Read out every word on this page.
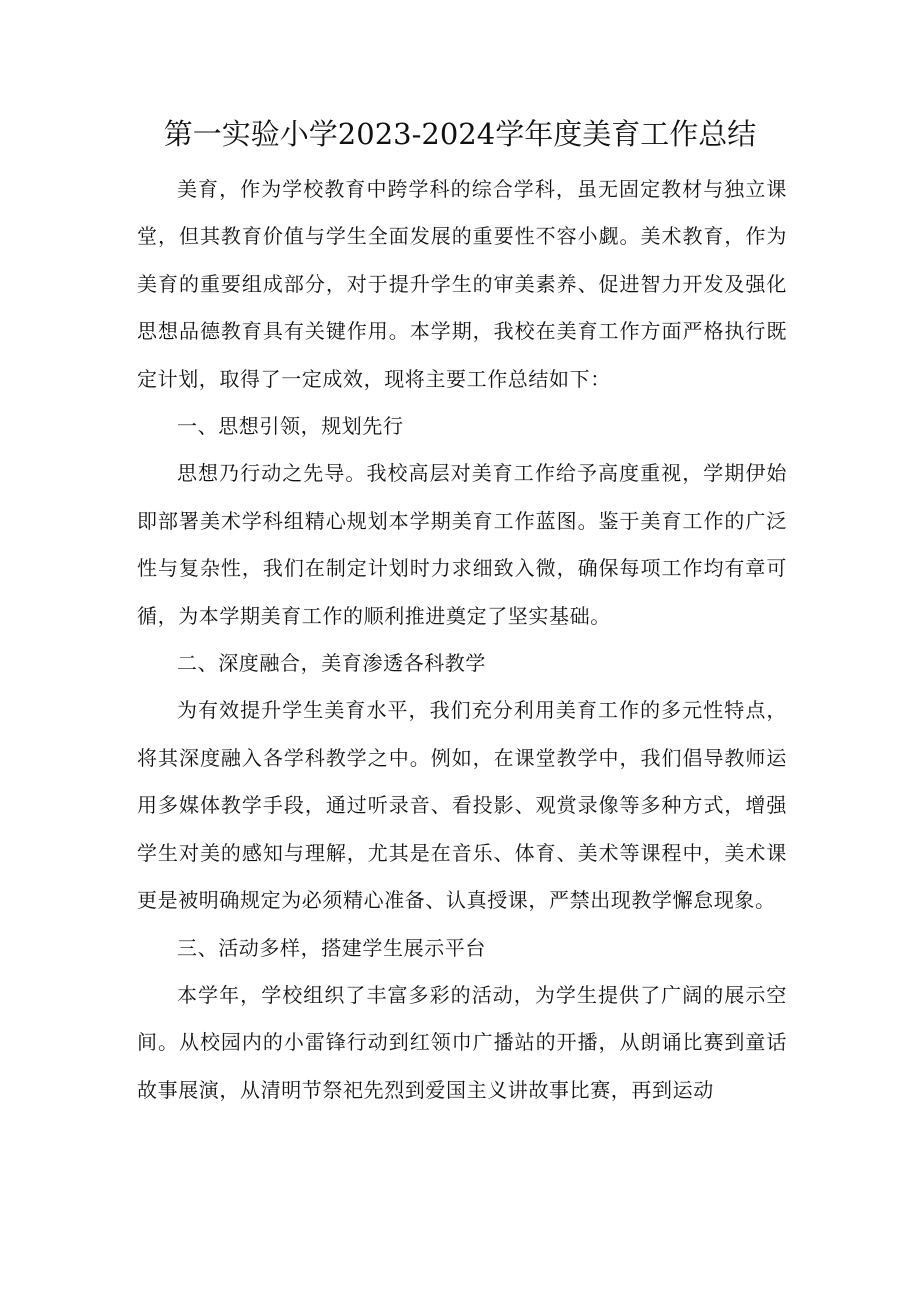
第一实验小学2023-2024学年度美育工作总结

美育，作为学校教育中跨学科的综合学科，虽无固定教材与独立课堂，但其教育价值与学生全面发展的重要性不容小觑。美术教育，作为美育的重要组成部分，对于提升学生的审美素养、促进智力开发及强化思想品德教育具有关键作用。本学期，我校在美育工作方面严格执行既定计划，取得了一定成效，现将主要工作总结如下：

一、思想引领，规划先行

思想乃行动之先导。我校高层对美育工作给予高度重视，学期伊始即部署美术学科组精心规划本学期美育工作蓝图。鉴于美育工作的广泛性与复杂性，我们在制定计划时力求细致入微，确保每项工作均有章可循，为本学期美育工作的顺利推进奠定了坚实基础。

二、深度融合，美育渗透各科教学

为有效提升学生美育水平，我们充分利用美育工作的多元性特点，将其深度融入各学科教学之中。例如，在课堂教学中，我们倡导教师运用多媒体教学手段，通过听录音、看投影、观赏录像等多种方式，增强学生对美的感知与理解，尤其是在音乐、体育、美术等课程中，美术课更是被明确规定为必须精心准备、认真授课，严禁出现教学懈怠现象。

三、活动多样，搭建学生展示平台

本学年，学校组织了丰富多彩的活动，为学生提供了广阔的展示空间。从校园内的小雷锋行动到红领巾广播站的开播，从朗诵比赛到童话故事展演，从清明节祭祀先烈到爱国主义讲故事比赛，再到运动
